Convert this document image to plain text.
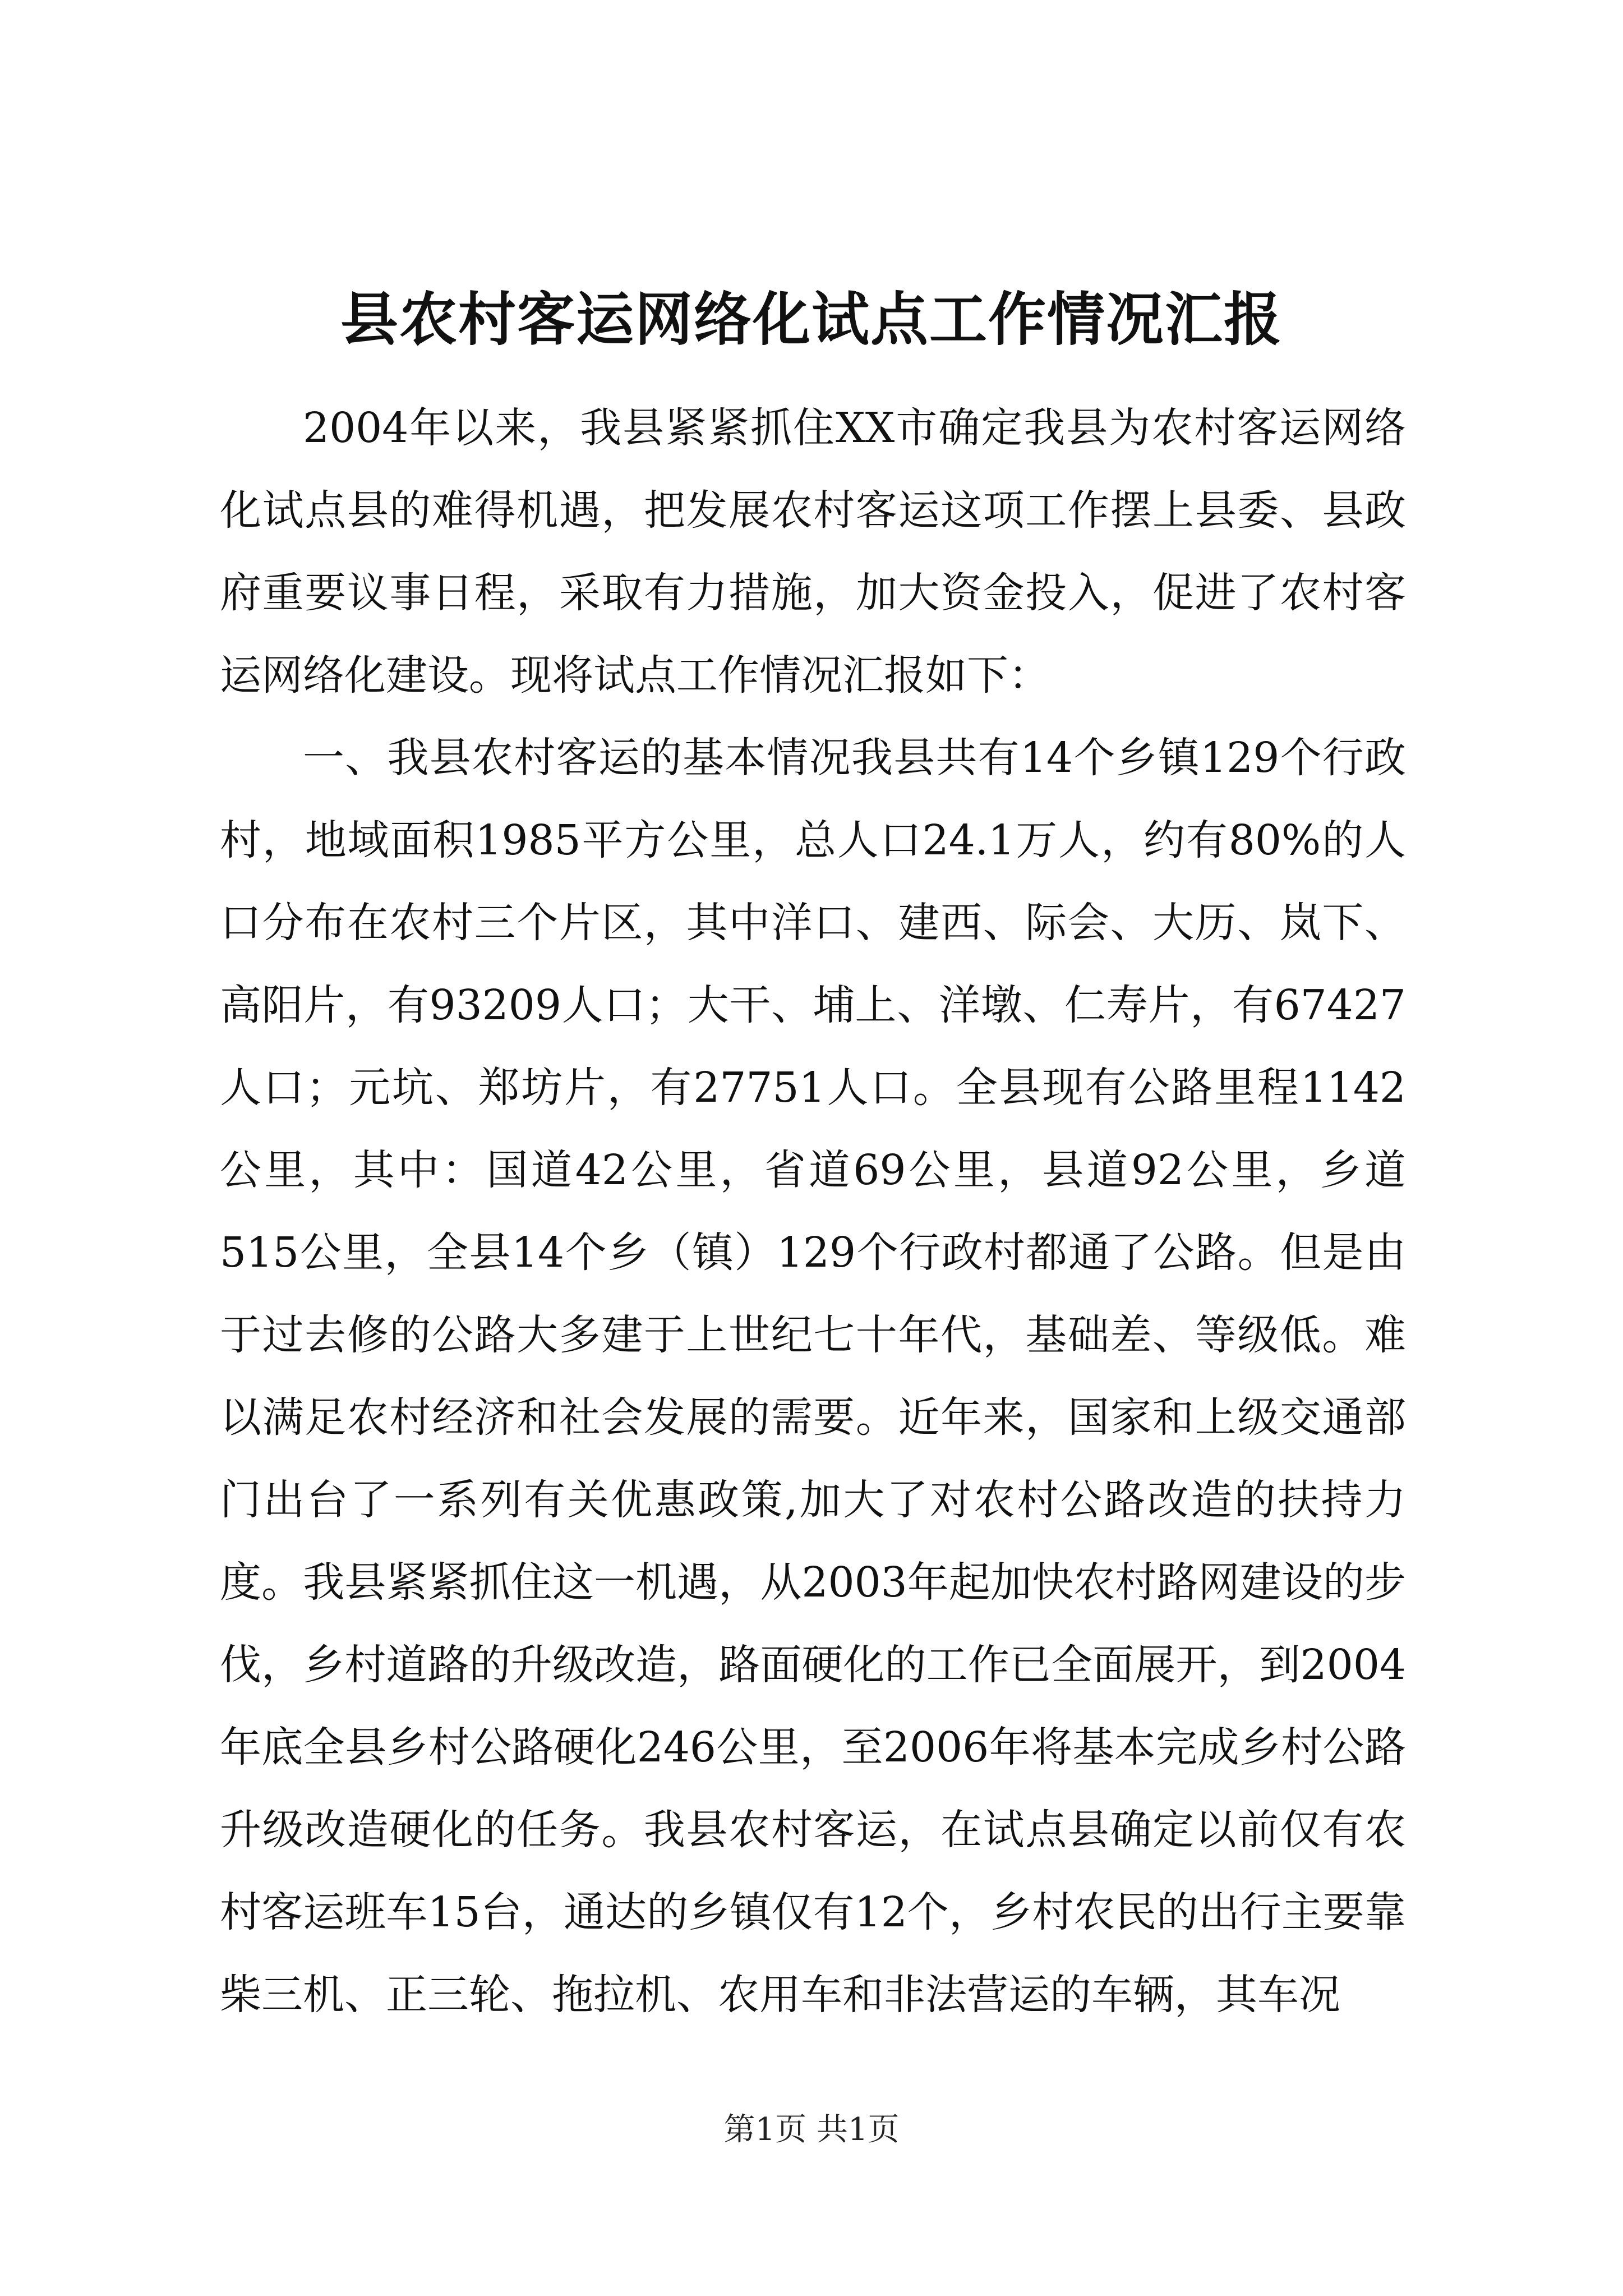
县农村客运网络化试点工作情况汇报

2004年以来，我县紧紧抓住XX市确定我县为农村客运网络化试点县的难得机遇，把发展农村客运这项工作摆上县委、县政府重要议事日程，采取有力措施，加大资金投入，促进了农村客运网络化建设。现将试点工作情况汇报如下：

一、我县农村客运的基本情况我县共有14个乡镇129个行政村，地域面积1985平方公里，总人口24.1万人，约有80%的人口分布在农村三个片区，其中洋口、建西、际会、大历、岚下、高阳片，有93209人口；大干、埔上、洋墩、仁寿片，有67427人口；元坑、郑坊片，有27751人口。全县现有公路里程1142公里，其中：国道42公里，省道69公里，县道92公里，乡道515公里，全县14个乡（镇）129个行政村都通了公路。但是由于过去修的公路大多建于上世纪七十年代，基础差、等级低。难以满足农村经济和社会发展的需要。近年来，国家和上级交通部门出台了一系列有关优惠政策,加大了对农村公路改造的扶持力度。我县紧紧抓住这一机遇，从2003年起加快农村路网建设的步伐，乡村道路的升级改造，路面硬化的工作已全面展开，到2004年底全县乡村公路硬化246公里，至2006年将基本完成乡村公路升级改造硬化的任务。我县农村客运，在试点县确定以前仅有农村客运班车15台，通达的乡镇仅有12个，乡村农民的出行主要靠柴三机、正三轮、拖拉机、农用车和非法营运的车辆，其车况

第1页 共1页
